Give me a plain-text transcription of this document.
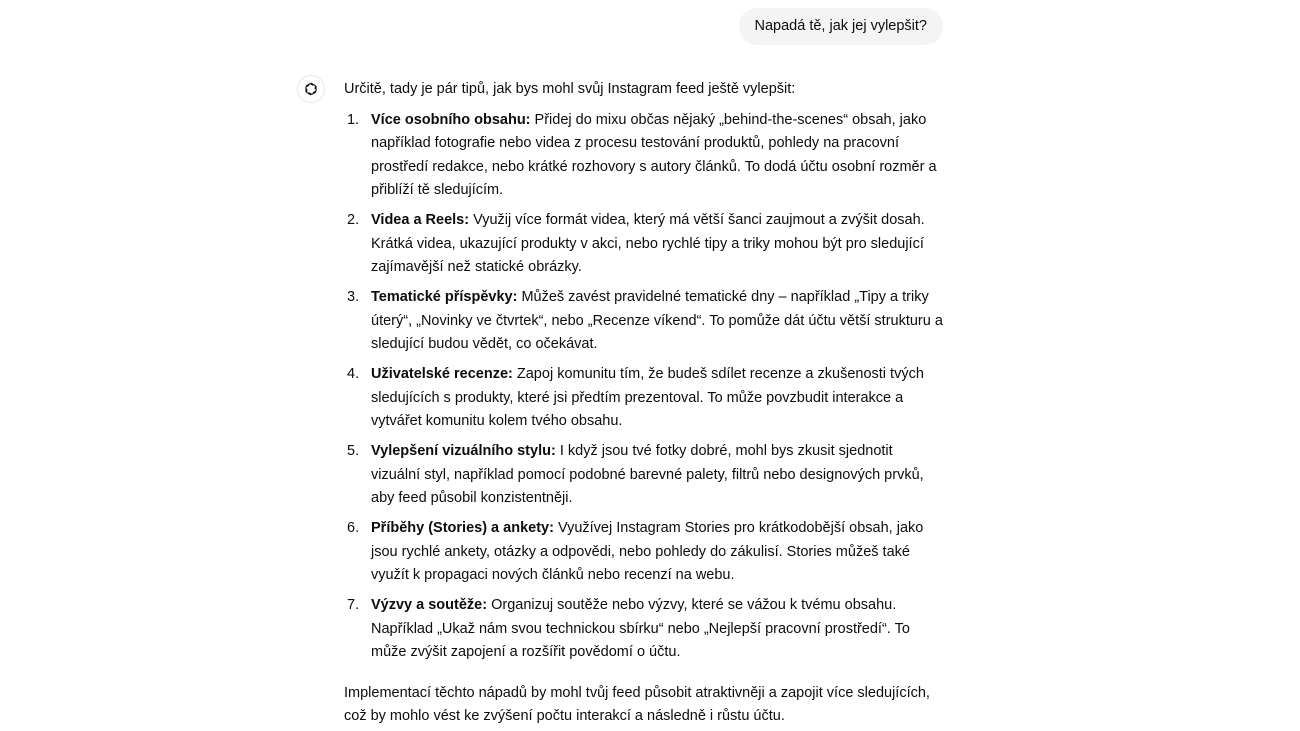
Napadá tě, jak jej vylepšit?

Určitě, tady je pár tipů, jak bys mohl svůj Instagram feed ještě vylepšit:

1. Více osobního obsahu: Přidej do mixu občas nějaký „behind-the-scenes“ obsah, jako například fotografie nebo videa z procesu testování produktů, pohledy na pracovní prostředí redakce, nebo krátké rozhovory s autory článků. To dodá účtu osobní rozměr a přiblíží tě sledujícím.
2. Videa a Reels: Využij více formát videa, který má větší šanci zaujmout a zvýšit dosah. Krátká videa, ukazující produkty v akci, nebo rychlé tipy a triky mohou být pro sledující zajímavější než statické obrázky.
3. Tematické příspěvky: Můžeš zavést pravidelné tematické dny – například „Tipy a triky úterý“, „Novinky ve čtvrtek“, nebo „Recenze víkend“. To pomůže dát účtu větší strukturu a sledující budou vědět, co očekávat.
4. Uživatelské recenze: Zapoj komunitu tím, že budeš sdílet recenze a zkušenosti tvých sledujících s produkty, které jsi předtím prezentoval. To může povzbudit interakce a vytvářet komunitu kolem tvého obsahu.
5. Vylepšení vizuálního stylu: I když jsou tvé fotky dobré, mohl bys zkusit sjednotit vizuální styl, například pomocí podobné barevné palety, filtrů nebo designových prvků, aby feed působil konzistentněji.
6. Příběhy (Stories) a ankety: Využívej Instagram Stories pro krátkodobější obsah, jako jsou rychlé ankety, otázky a odpovědi, nebo pohledy do zákulisí. Stories můžeš také využít k propagaci nových článků nebo recenzí na webu.
7. Výzvy a soutěže: Organizuj soutěže nebo výzvy, které se vážou k tvému obsahu. Například „Ukaž nám svou technickou sbírku“ nebo „Nejlepší pracovní prostředí“. To může zvýšit zapojení a rozšířit povědomí o účtu.

Implementací těchto nápadů by mohl tvůj feed působit atraktivněji a zapojit více sledujících, což by mohlo vést ke zvýšení počtu interakcí a následně i růstu účtu.
